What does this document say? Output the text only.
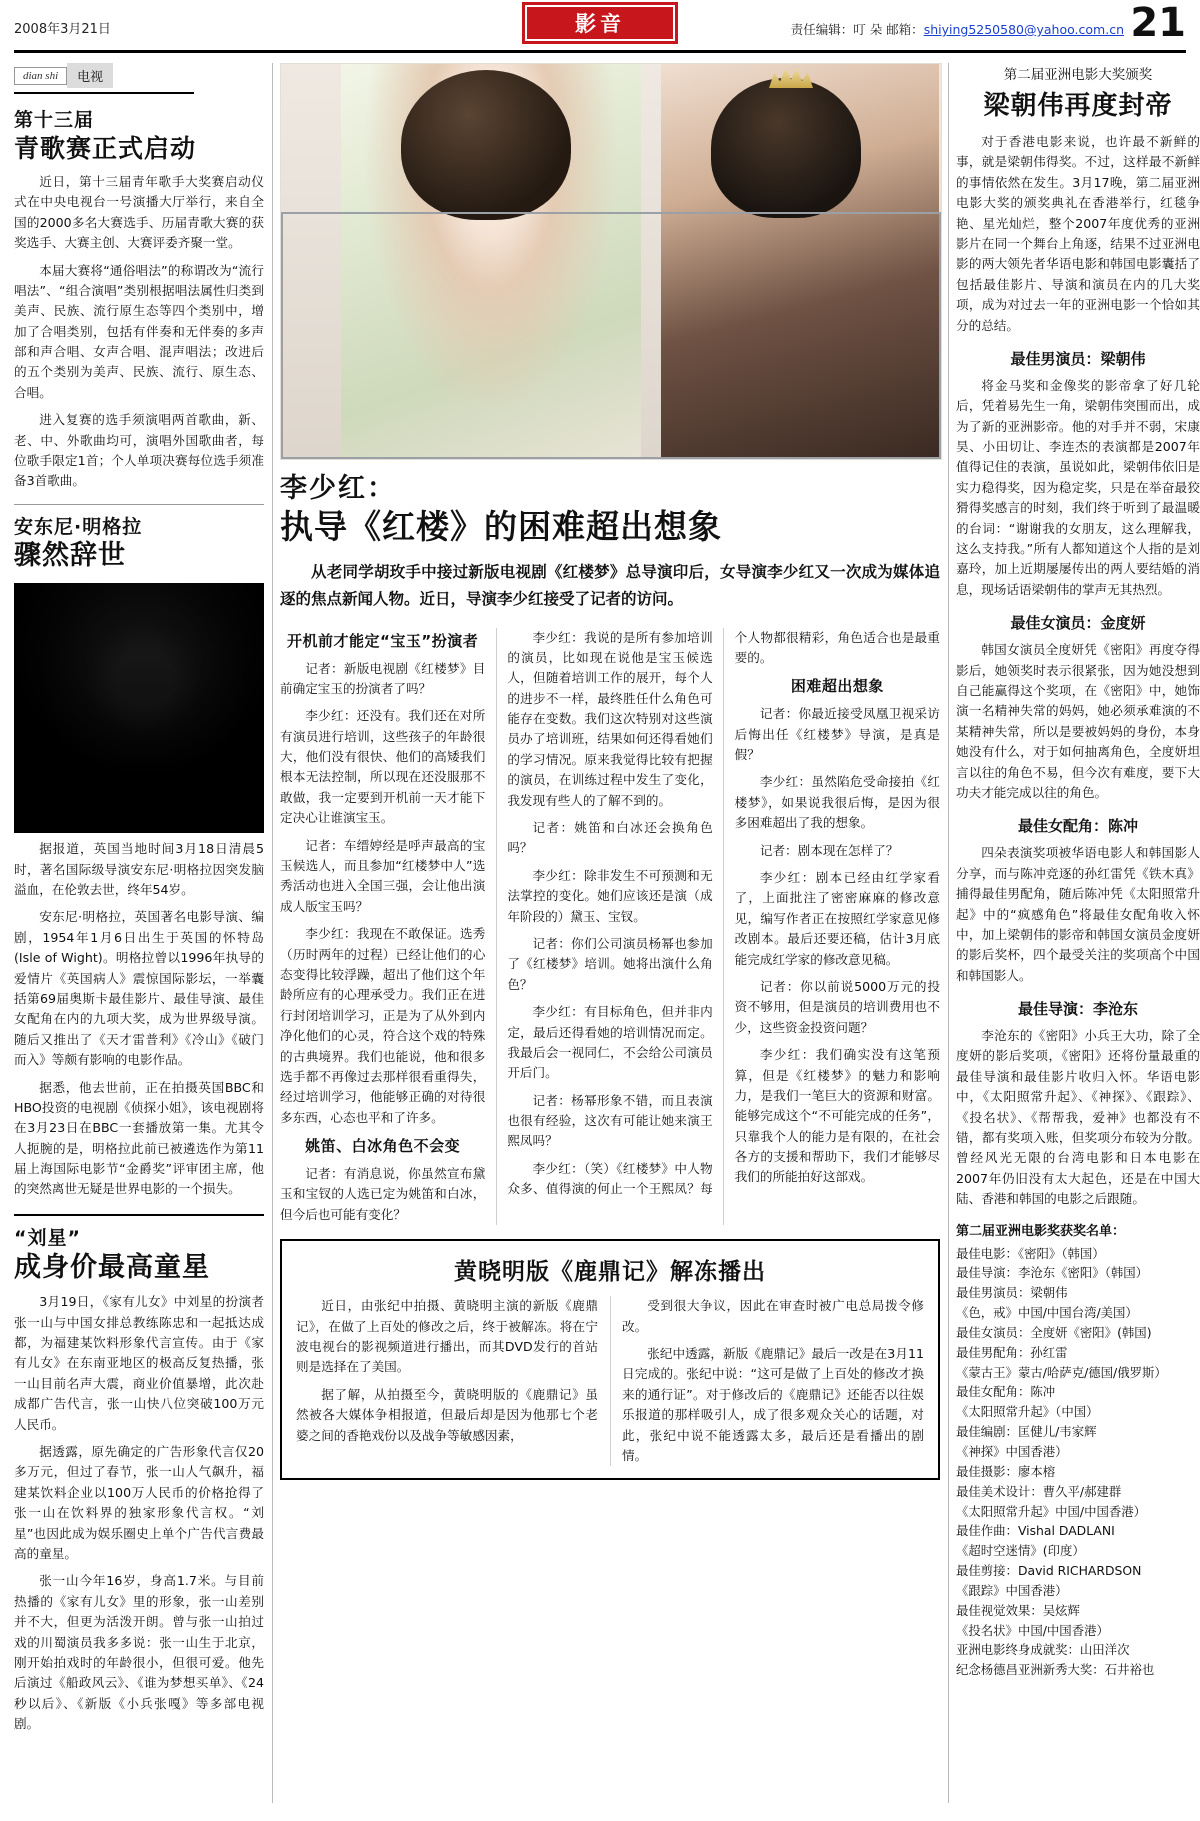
2008年3月21日	影音	责任编辑：叮 朵 邮箱：shiying5250580@yahoo.com.cn 21
dian shi	电视
第十三届
青歌赛正式启动

近日，第十三届青年歌手大奖赛启动仪式在中央电视台一号演播大厅举行，来自全国的2000多名大赛选手、历届青歌大赛的获奖选手、大赛主创、大赛评委齐聚一堂。

本届大赛将“通俗唱法”的称谓改为“流行唱法”、“组合演唱”类别根据唱法属性归类到美声、民族、流行原生态等四个类别中，增加了合唱类别，包括有伴奏和无伴奏的多声部和声合唱、女声合唱、混声唱法；改进后的五个类别为美声、民族、流行、原生态、合唱。

进入复赛的选手须演唱两首歌曲，新、老、中、外歌曲均可，演唱外国歌曲者，每位歌手限定1首；个人单项决赛每位选手须准备3首歌曲。

安东尼·明格拉
骤然辞世

据报道，英国当地时间3月18日清晨5时，著名国际级导演安东尼·明格拉因突发脑溢血，在伦敦去世，终年54岁。

安东尼·明格拉，英国著名电影导演、编剧，1954年1月6日出生于英国的怀特岛(Isle of Wight)。明格拉曾以1996年执导的爱情片《英国病人》震惊国际影坛，一举囊括第69届奥斯卡最佳影片、最佳导演、最佳女配角在内的九项大奖，成为世界级导演。随后又推出了《天才雷普利》《冷山》《破门而入》等颇有影响的电影作品。

据悉，他去世前，正在拍摄英国BBC和HBO投资的电视剧《侦探小姐》，该电视剧将在3月23日在BBC一套播放第一集。尤其令人扼腕的是，明格拉此前已被遴选作为第11届上海国际电影节“金爵奖”评审团主席，他的突然离世无疑是世界电影的一个损失。

“刘星”
成身价最高童星

3月19日，《家有儿女》中刘星的扮演者张一山与中国女排总教练陈忠和一起抵达成都，为福建某饮料形象代言宣传。由于《家有儿女》在东南亚地区的极高反复热播，张一山目前名声大震，商业价值暴增，此次赴成都广告代言，张一山快八位突破100万元人民币。

据透露，原先确定的广告形象代言仅20多万元，但过了春节，张一山人气飙升，福建某饮料企业以100万人民币的价格抢得了张一山在饮料界的独家形象代言权。“刘星”也因此成为娱乐圈史上单个广告代言费最高的童星。

张一山今年16岁，身高1.7米。与目前热播的《家有儿女》里的形象，张一山差别并不大，但更为活泼开朗。曾与张一山拍过戏的川蜀演员我多多说：张一山生于北京，刚开始拍戏时的年龄很小，但很可爱。他先后演过《船政风云》、《谁为梦想买单》、《24秒以后》、《新版《小兵张嘎》等多部电视剧。

李少红：
执导《红楼》的困难超出想象

从老同学胡玫手中接过新版电视剧《红楼梦》总导演印后，女导演李少红又一次成为媒体追逐的焦点新闻人物。近日，导演李少红接受了记者的访问。

开机前才能定“宝玉”扮演者

记者：新版电视剧《红楼梦》目前确定宝玉的扮演者了吗？

李少红：还没有。我们还在对所有演员进行培训，这些孩子的年龄很大，他们没有很快、他们的高矮我们根本无法控制，所以现在还没服那不敢做，我一定要到开机前一天才能下定决心让谁演宝玉。

记者：车缙婷经是呼声最高的宝玉候选人，而且参加“红楼梦中人”选秀活动也进入全国三强，会让他出演成人版宝玉吗？

李少红：我现在不敢保证。选秀（历时两年的过程）已经让他们的心态变得比较浮躁，超出了他们这个年龄所应有的心理承受力。我们正在进行封闭培训学习，正是为了从外到内净化他们的心灵，符合这个戏的特殊的古典境界。我们也能说，他和很多选手都不再像过去那样很看重得失，经过培训学习，他能够正确的对待很多东西，心态也平和了许多。

姚笛、白冰角色不会变

记者：有消息说，你虽然宣布黛玉和宝钗的人选已定为姚笛和白冰，但今后也可能有变化？

李少红：我说的是所有参加培训的演员，比如现在说他是宝玉候选人，但随着培训工作的展开，每个人的进步不一样，最终胜任什么角色可能存在变数。我们这次特别对这些演员办了培训班，结果如何还得看她们的学习情况。原来我觉得比较有把握的演员，在训练过程中发生了变化，我发现有些人的了解不到的。

记者：姚笛和白冰还会换角色吗？

李少红：除非发生不可预测和无法掌控的变化。她们应该还是演（成年阶段的）黛玉、宝钗。

记者：你们公司演员杨幂也参加了《红楼梦》培训。她将出演什么角色？

李少红：有目标角色，但并非内定，最后还得看她的培训情况而定。我最后会一视同仁，不会给公司演员开后门。

记者：杨幂形象不错，而且表演也很有经验，这次有可能让她来演王熙凤吗？

李少红：（笑）《红楼梦》中人物众多、值得演的何止一个王熙凤？每个人物都很精彩，角色适合也是最重要的。

困难超出想象

记者：你最近接受凤凰卫视采访后悔出任《红楼梦》导演，是真是假？

李少红：虽然陷危受命接拍《红楼梦》，如果说我很后悔，是因为很多困难超出了我的想象。

记者：剧本现在怎样了？

李少红：剧本已经由红学家看了，上面批注了密密麻麻的修改意见，编写作者正在按照红学家意见修改剧本。最后还要还稿，估计3月底能完成红学家的修改意见稿。

记者：你以前说5000万元的投资不够用，但是演员的培训费用也不少，这些资金投资问题？

李少红：我们确实没有这笔预算，但是《红楼梦》的魅力和影响力，是我们一笔巨大的资源和财富。能够完成这个“不可能完成的任务”，只靠我个人的能力是有限的，在社会各方的支援和帮助下，我们才能够尽我们的所能拍好这部戏。

黄晓明版《鹿鼎记》解冻播出

近日，由张纪中拍摄、黄晓明主演的新版《鹿鼎记》，在做了上百处的修改之后，终于被解冻。将在宁波电视台的影视频道进行播出，而其DVD发行的首站则是选择在了美国。

据了解，从拍摄至今，黄晓明版的《鹿鼎记》虽然被各大媒体争相报道，但最后却是因为他那七个老婆之间的香艳戏份以及战争等敏感因素，

受到很大争议，因此在审查时被广电总局拨令修改。

张纪中透露，新版《鹿鼎记》最后一改是在3月11日完成的。张纪中说：“这可是做了上百处的修改才换来的通行证”。对于修改后的《鹿鼎记》还能否以往娱乐报道的那样吸引人，成了很多观众关心的话题，对此，张纪中说不能透露太多，最后还是看播出的剧情。

第二届亚洲电影大奖颁奖
梁朝伟再度封帝

对于香港电影来说，也许最不新鲜的事，就是梁朝伟得奖。不过，这样最不新鲜的事情依然在发生。3月17晚，第二届亚洲电影大奖的颁奖典礼在香港举行，红毯争艳、星光灿烂，整个2007年度优秀的亚洲影片在同一个舞台上角逐，结果不过亚洲电影的两大领先者华语电影和韩国电影囊括了包括最佳影片、导演和演员在内的几大奖项，成为对过去一年的亚洲电影一个恰如其分的总结。

最佳男演员：梁朝伟

将金马奖和金像奖的影帝拿了好几轮后，凭着易先生一角，梁朝伟突围而出，成为了新的亚洲影帝。他的对手并不弱，宋康昊、小田切让、李连杰的表演都是2007年值得记住的表演，虽说如此，梁朝伟依旧是实力稳得奖，因为稳定奖，只是在举奋最狡猾得奖感言的时刻，我们终于听到了最温暖的台词：“谢谢我的女朋友，这么理解我，这么支持我。”所有人都知道这个人指的是刘嘉玲，加上近期屡屡传出的两人要结婚的消息，现场话语梁朝伟的掌声无其热烈。

最佳女演员：金度妍

韩国女演员全度妍凭《密阳》再度夺得影后，她领奖时表示很紧张，因为她没想到自己能赢得这个奖项，在《密阳》中，她饰演一名精神失常的妈妈，她必须承难演的不某精神失常，所以是要被妈妈的身份，本身她没有什么，对于如何抽离角色，全度妍坦言以往的角色不易，但今次有难度，要下大功夫才能完成以往的角色。

最佳女配角：陈冲

四朵表演奖项被华语电影人和韩国影人分享，而与陈冲竞逐的孙红雷凭《铁木真》捕得最佳男配角，随后陈冲凭《太阳照常升起》中的“疯感角色”将最佳女配角收入怀中，加上梁朝伟的影帝和韩国女演员金度妍的影后奖杯，四个最受关注的奖项高个中国和韩国影人。

最佳导演：李沧东

李沧东的《密阳》小兵王大功，除了全度妍的影后奖项，《密阳》还将份量最重的最佳导演和最佳影片收归入怀。华语电影中，《太阳照常升起》、《神探》、《跟踪》、《投名状》、《帮帮我，爱神》也都没有不错，都有奖项入账，但奖项分布较为分散。曾经风光无限的台湾电影和日本电影在2007年仍旧没有太大起色，还是在中国大陆、香港和韩国的电影之后跟随。

第二届亚洲电影奖获奖名单：

最佳电影：《密阳》（韩国）

最佳导演：李沧东《密阳》（韩国）

最佳男演员：梁朝伟

《色，戒》中国/中国台湾/美国）

最佳女演员：全度妍《密阳》(韩国)

最佳男配角：孙红雷

《蒙古王》蒙古/哈萨克/德国/俄罗斯）

最佳女配角：陈冲

《太阳照常升起》（中国）

最佳编剧：匡健儿/韦家辉

《神探》中国香港）

最佳摄影：廖本榕

最佳美术设计：曹久平/郝建群

《太阳照常升起》中国/中国香港）

最佳作曲：Vishal DADLANI

《超时空迷情》(印度）

最佳剪接：David RICHARDSON

《跟踪》中国香港）

最佳视觉效果：吴炫辉

《投名状》中国/中国香港）

亚洲电影终身成就奖：山田洋次

纪念杨德昌亚洲新秀大奖：石井裕也
